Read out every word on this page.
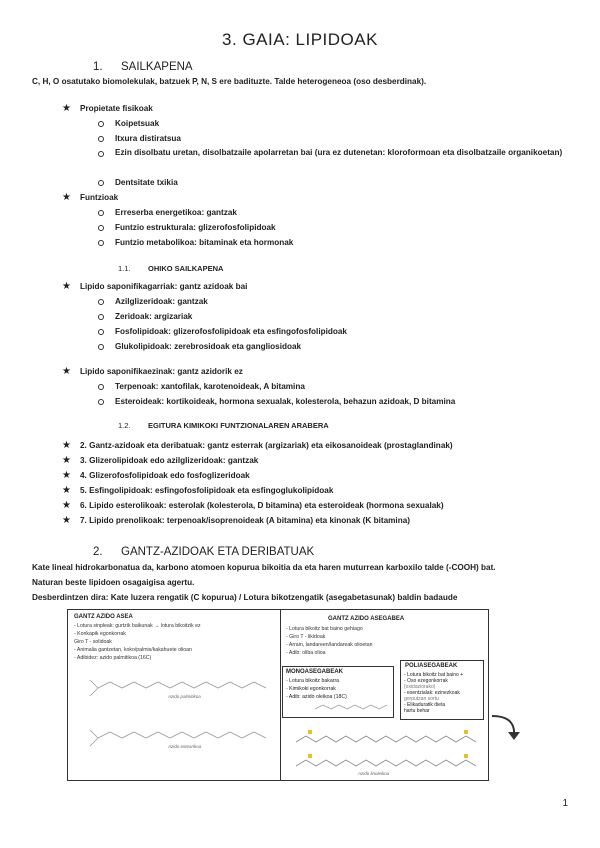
3. GAIA: LIPIDOAK
1. SAILKAPENA
C, H, O osatutako biomolekulak, batzuek P, N, S ere badituzte. Talde heterogeneoa (oso desberdinak).
★ Propietate fisikoak
Koipetsuak
Itxura distiratsua
Ezin disolbatu uretan, disolbatzaile apolarretan bai (ura ez dutenetan: kloroformoan eta disolbatzaile organikoetan)
Dentsitate txikia
★ Funtzioak
Erreserba energetikoa: gantzak
Funtzio estrukturala: glizerofosfolipidoak
Funtzio metabolikoa: bitaminak eta hormonak
1.1. OHIKO SAILKAPENA
★ Lipido saponifikagarriak: gantz azidoak bai
Azilglizeridoak: gantzak
Zeridoak: argizariak
Fosfolipidoak: glizerofosfolipidoak eta esfingofosfolipidoak
Glukolipidoak: zerebrosidoak eta gangliosidoak
★ Lipido saponifikaezinak: gantz azidorik ez
Terpenoak: xantofilak, karotenoideak, A bitamina
Esteroideak: kortikoideak, hormona sexualak, kolesterola, behazun azidoak, D bitamina
1.2. EGITURA KIMIKOKI FUNTZIONALAREN ARABERA
★ 2. Gantz-azidoak eta deribatuak: gantz esterrak (argizariak) eta eikosanoideak (prostaglandinak)
★ 3. Glizerolipidoak edo azilglizeridoak: gantzak
★ 4. Glizerofosfolipidoak edo fosfoglizeridoak
★ 5. Esfingolipidoak: esfingofosfolipidoak eta esfingoglukolipidoak
★ 6. Lipido esterolikoak: esterolak (kolesterola, D bitamina) eta esteroideak (hormona sexualak)
★ 7. Lipido prenolikoak: terpenoak/isoprenoideak (A bitamina) eta kinonak (K bitamina)
2. GANTZ-AZIDOAK ETA DERIBATUAK
Kate lineal hidrokarbonatua da, karbono atomoen kopurua bikoitia da eta haren muturrean karboxilo talde (-COOH) bat.
Naturan beste lipidoen osagaigisa agertu.
Desberdintzen dira: Kate luzera rengatik (C kopurua) / Lotura bikotzengatik (asegabetasunak) baldin badaude
GANTZ AZIDO ASEA
- Lotura sinpleak: gurtzik baikunak → lotura bikoitzik ez
- Konkapik egonkorrak
Giro T - solidoak
- Animalia gantzetan, koko/palmis/kakahuete olioan
- Adibidez: azido palmitikoa (16C)
Azido palmitikoa
Azido estearikoa
GANTZ AZIDO ASEGABEA
- Lotura bikoitz bat baino gehiago
- Giro T - likidoak
- Arrain, landareen/landareak olioetan
- Adib: oliba olioa
MONOASEGABEAK
- Lotura bikoitz bakarra
- Kimikoki egonkorrak
- Adib: azido oleikoa (18C)
POLIASEGABEAK
- Lotura bikoitz bat baino +
- Oso ezegonkorrak
(oxidaziorako)
- esentzialak: ezinezkoak
gorputzan sortu
- Elikaduratik dieta
hartu behar
Azido linoleikoa
1
